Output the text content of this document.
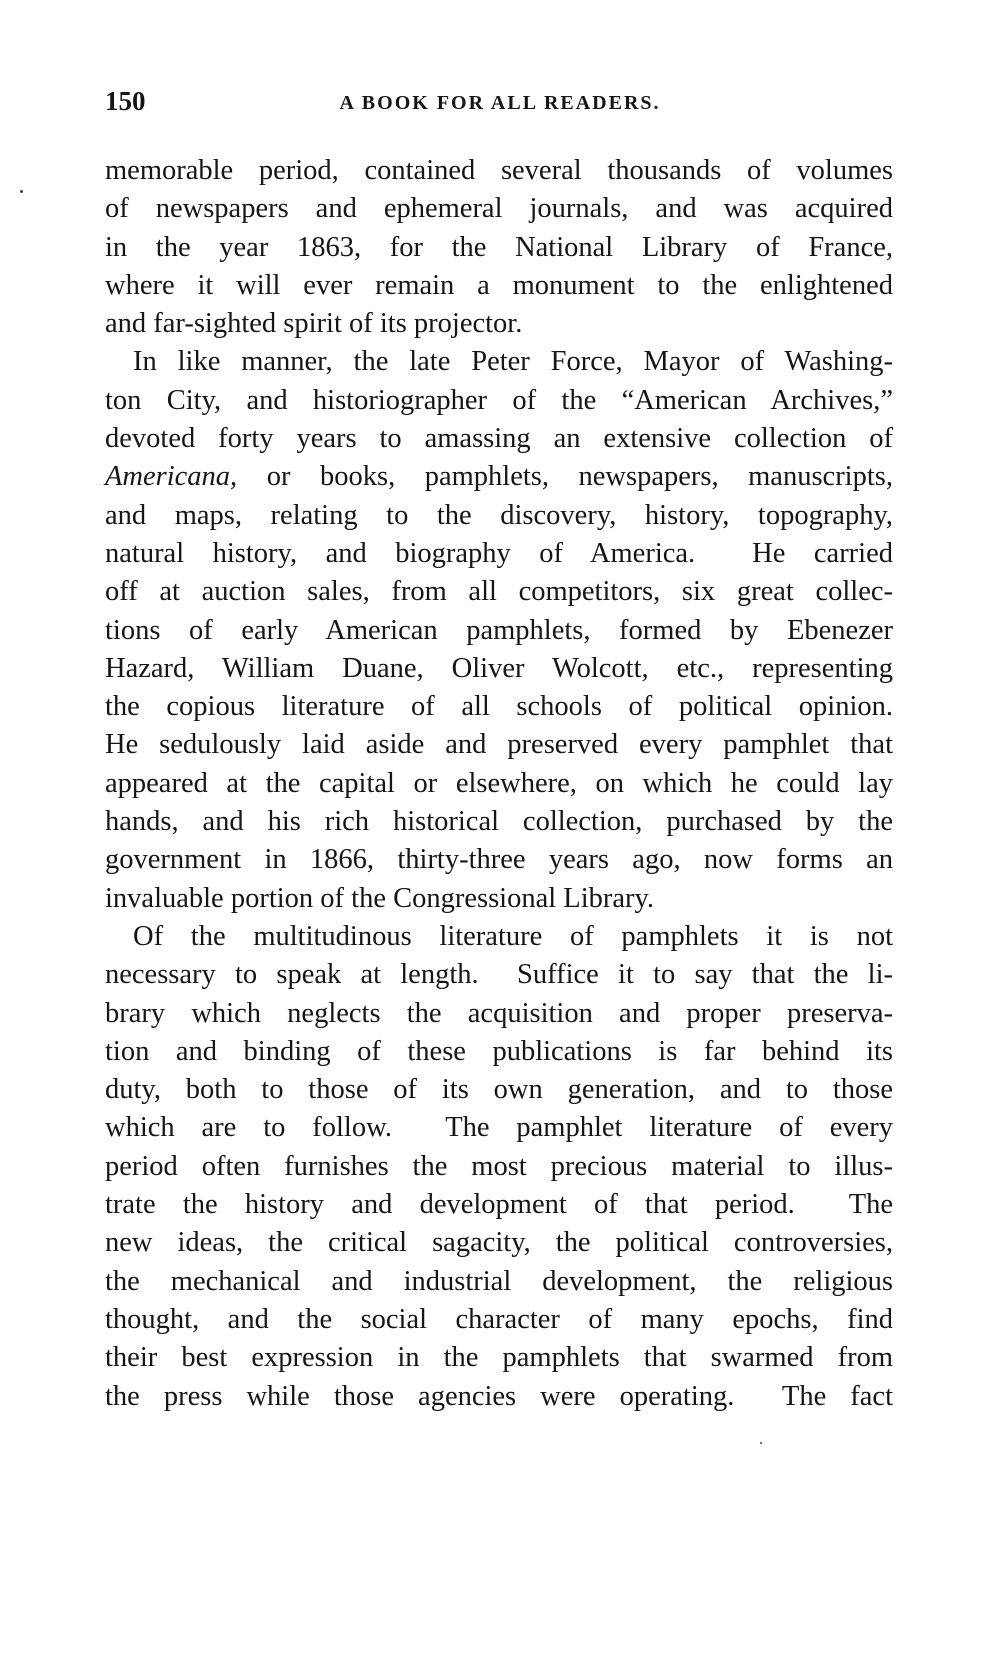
150	A BOOK FOR ALL READERS.
memorable period, contained several thousands of volumes
of newspapers and ephemeral journals, and was acquired
in the year 1863, for the National Library of France,
where it will ever remain a monument to the enlightened
and far-sighted spirit of its projector.
In like manner, the late Peter Force, Mayor of Washing-
ton City, and historiographer of the “American Archives,”
devoted forty years to amassing an extensive collection of
Americana, or books, pamphlets, newspapers, manuscripts,
and maps, relating to the discovery, history, topography,
natural history, and biography of America.  He carried
off at auction sales, from all competitors, six great collec-
tions of early American pamphlets, formed by Ebenezer
Hazard, William Duane, Oliver Wolcott, etc., representing
the copious literature of all schools of political opinion.
He sedulously laid aside and preserved every pamphlet that
appeared at the capital or elsewhere, on which he could lay
hands, and his rich historical collection, purchased by the
government in 1866, thirty-three years ago, now forms an
invaluable portion of the Congressional Library.
Of the multitudinous literature of pamphlets it is not
necessary to speak at length.  Suffice it to say that the li-
brary which neglects the acquisition and proper preserva-
tion and binding of these publications is far behind its
duty, both to those of its own generation, and to those
which are to follow.  The pamphlet literature of every
period often furnishes the most precious material to illus-
trate the history and development of that period.  The
new ideas, the critical sagacity, the political controversies,
the mechanical and industrial development, the religious
thought, and the social character of many epochs, find
their best expression in the pamphlets that swarmed from
the press while those agencies were operating.  The fact
